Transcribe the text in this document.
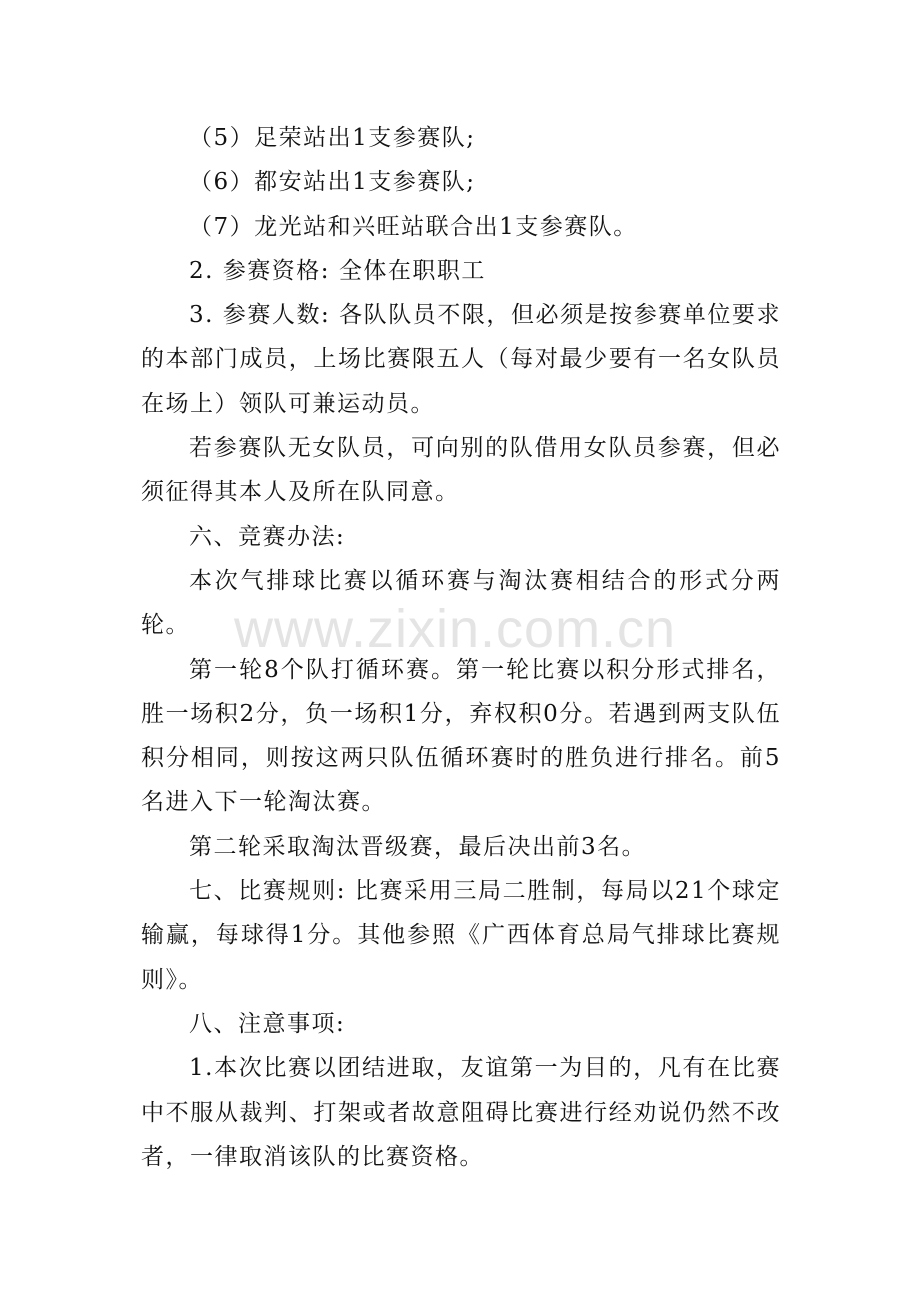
www.zixin.com.cn

（5）足荣站出1支参赛队;

（6）都安站出1支参赛队;

（7）龙光站和兴旺站联合出1支参赛队。

2. 参赛资格: 全体在职职工

3. 参赛人数: 各队队员不限，但必须是按参赛单位要求的本部门成员，上场比赛限五人（每对最少要有一名女队员在场上）领队可兼运动员。

若参赛队无女队员，可向别的队借用女队员参赛，但必须征得其本人及所在队同意。

六、竞赛办法:

本次气排球比赛以循环赛与淘汰赛相结合的形式分两轮。

第一轮8个队打循环赛。第一轮比赛以积分形式排名，胜一场积2分，负一场积1分，弃权积0分。若遇到两支队伍积分相同，则按这两只队伍循环赛时的胜负进行排名。前5名进入下一轮淘汰赛。

第二轮采取淘汰晋级赛，最后决出前3名。

七、比赛规则: 比赛采用三局二胜制，每局以21个球定输赢，每球得1分。其他参照《广西体育总局气排球比赛规则》。

八、注意事项:

1.本次比赛以团结进取，友谊第一为目的，凡有在比赛中不服从裁判、打架或者故意阻碍比赛进行经劝说仍然不改者，一律取消该队的比赛资格。
